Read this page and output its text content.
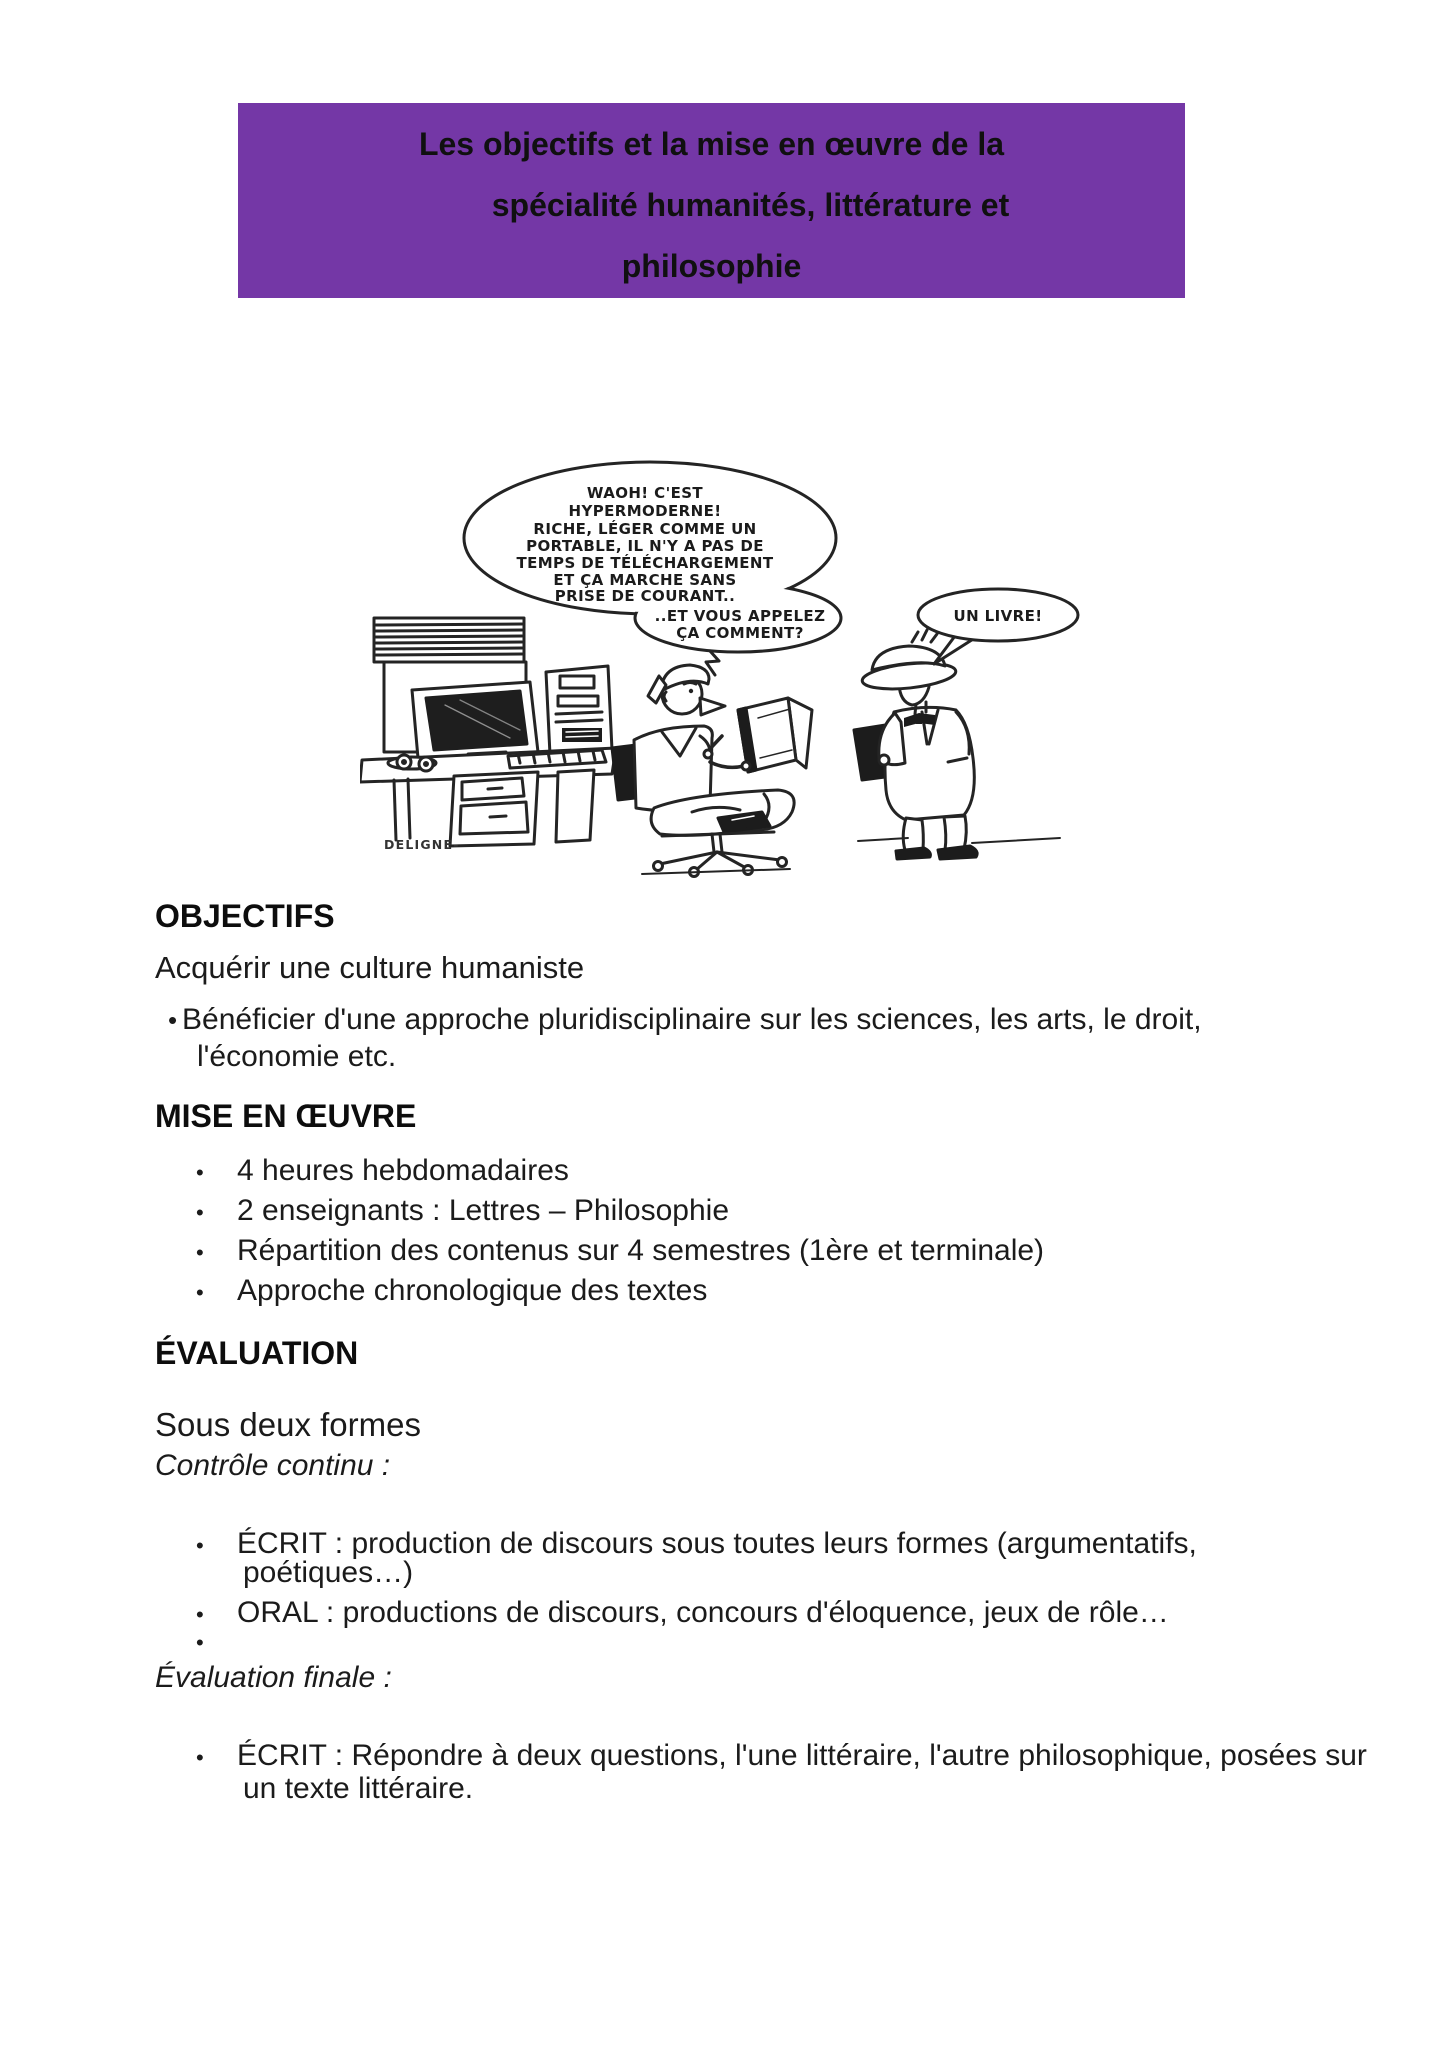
Les objectifs et la mise en œuvre de la
spécialité humanités, littérature et
philosophie
WAOH! C'EST
HYPERMODERNE!
RICHE, LÉGER COMME UN
PORTABLE, IL N'Y A PAS DE
TEMPS DE TÉLÉCHARGEMENT
ET ÇA MARCHE SANS
PRISE DE COURANT..
..ET VOUS APPELEZ
ÇA COMMENT?
UN LIVRE!
DELIGNE-
OBJECTIFS
Acquérir une culture humaniste
• Bénéficier d'une approche pluridisciplinaire sur les sciences, les arts, le droit,
l'économie etc.
MISE EN ŒUVRE
•	4 heures hebdomadaires
•	2 enseignants : Lettres – Philosophie
•	Répartition des contenus sur 4 semestres (1ère et terminale)
•	Approche chronologique des textes
ÉVALUATION
Sous deux formes
Contrôle continu :
•	ÉCRIT : production de discours sous toutes leurs formes (argumentatifs,
poétiques…)
•	ORAL : productions de discours, concours d'éloquence, jeux de rôle…
•
Évaluation finale :
•	ÉCRIT : Répondre à deux questions, l'une littéraire, l'autre philosophique, posées sur
un texte littéraire.
